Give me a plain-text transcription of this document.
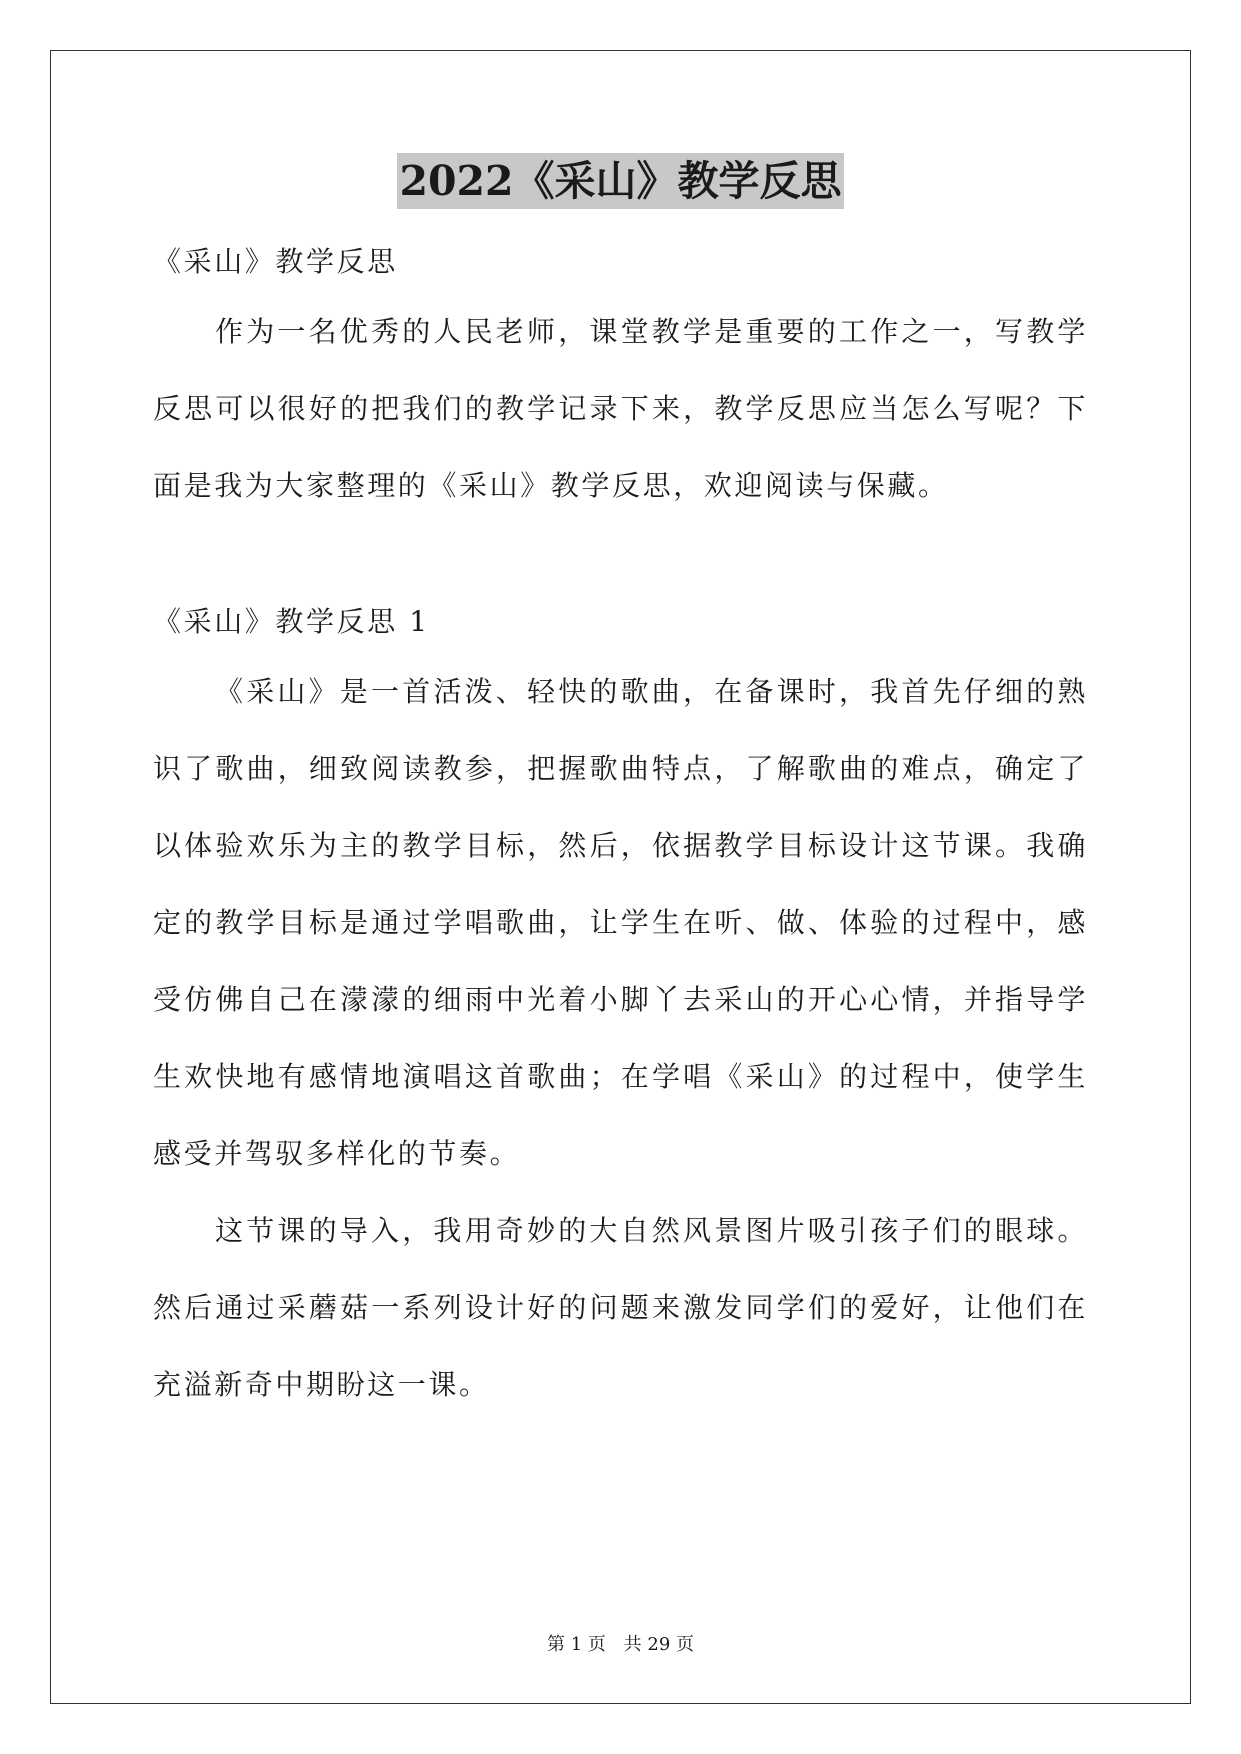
2022《采山》教学反思
《采山》教学反思

作为一名优秀的人民老师，课堂教学是重要的工作之一，写教学反思可以很好的把我们的教学记录下来，教学反思应当怎么写呢？下面是我为大家整理的《采山》教学反思，欢迎阅读与保藏。

《采山》教学反思 1

《采山》是一首活泼、轻快的歌曲，在备课时，我首先仔细的熟识了歌曲，细致阅读教参，把握歌曲特点，了解歌曲的难点，确定了以体验欢乐为主的教学目标，然后，依据教学目标设计这节课。我确定的教学目标是通过学唱歌曲，让学生在听、做、体验的过程中，感受仿佛自己在濛濛的细雨中光着小脚丫去采山的开心心情，并指导学生欢快地有感情地演唱这首歌曲；在学唱《采山》的过程中，使学生感受并驾驭多样化的节奏。

这节课的导入，我用奇妙的大自然风景图片吸引孩子们的眼球。然后通过采蘑菇一系列设计好的问题来激发同学们的爱好，让他们在充溢新奇中期盼这一课。

第 1 页 共 29 页
